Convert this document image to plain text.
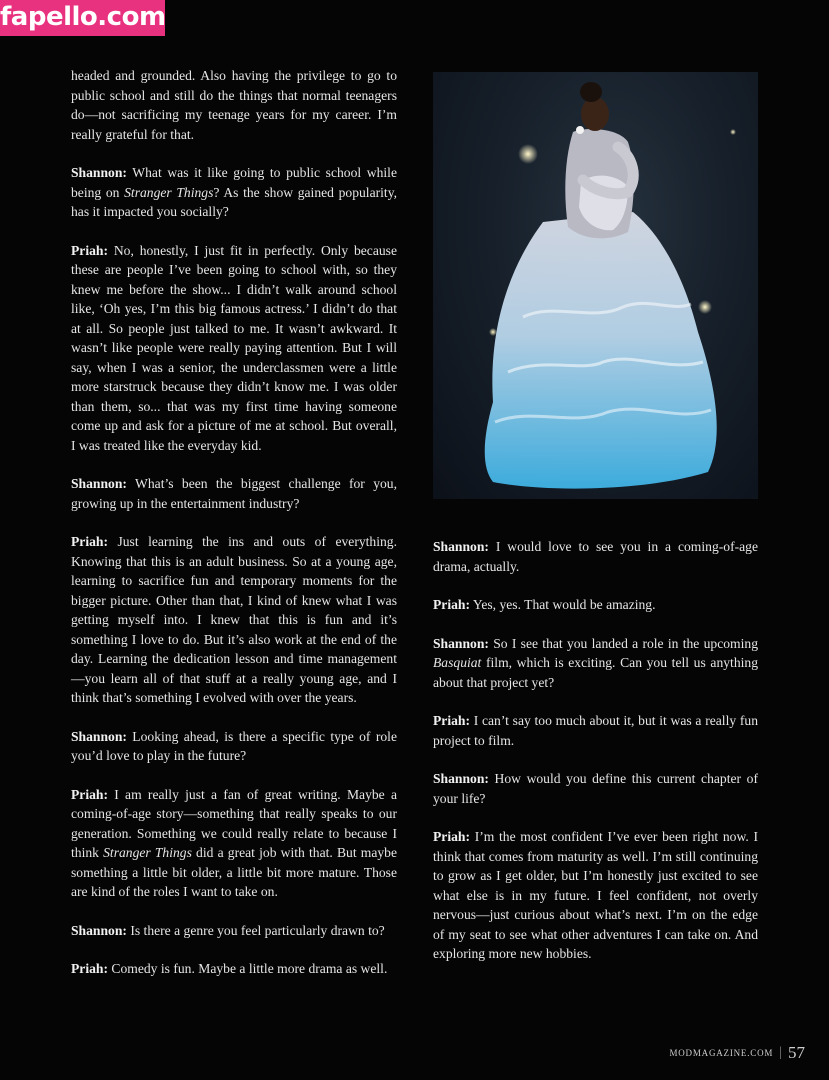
fapello.com

headed and grounded. Also having the privilege to go to public school and still do the things that normal teenagers do—not sacrificing my teenage years for my career. I’m really grateful for that.

Shannon: What was it like going to public school while being on Stranger Things? As the show gained popularity, has it impacted you socially?

Priah: No, honestly, I just fit in perfectly. Only because these are people I’ve been going to school with, so they knew me before the show... I didn’t walk around school like, ‘Oh yes, I’m this big famous actress.’ I didn’t do that at all. So people just talked to me. It wasn’t awkward. It wasn’t like people were really paying attention. But I will say, when I was a senior, the underclassmen were a little more starstruck because they didn’t know me. I was older than them, so... that was my first time having someone come up and ask for a picture of me at school. But overall, I was treated like the everyday kid.

Shannon: What’s been the biggest challenge for you, growing up in the entertainment industry?

Priah: Just learning the ins and outs of everything. Knowing that this is an adult business. So at a young age, learning to sacrifice fun and temporary moments for the bigger picture. Other than that, I kind of knew what I was getting myself into. I knew that this is fun and it’s something I love to do. But it’s also work at the end of the day. Learning the dedication lesson and time management—you learn all of that stuff at a really young age, and I think that’s something I evolved with over the years.

Shannon: Looking ahead, is there a specific type of role you’d love to play in the future?

Priah: I am really just a fan of great writing. Maybe a coming-of-age story—something that really speaks to our generation. Something we could really relate to because I think Stranger Things did a great job with that. But maybe something a little bit older, a little bit more mature. Those are kind of the roles I want to take on.

Shannon: Is there a genre you feel particularly drawn to?

Priah: Comedy is fun. Maybe a little more drama as well.

Shannon: I would love to see you in a coming-of-age drama, actually.

Priah: Yes, yes. That would be amazing.

Shannon: So I see that you landed a role in the upcoming Basquiat film, which is exciting. Can you tell us anything about that project yet?

Priah: I can’t say too much about it, but it was a really fun project to film.

Shannon: How would you define this current chapter of your life?

Priah: I’m the most confident I’ve ever been right now. I think that comes from maturity as well. I’m still continuing to grow as I get older, but I’m honestly just excited to see what else is in my future. I feel confident, not overly nervous—just curious about what’s next. I’m on the edge of my seat to see what other adventures I can take on. And exploring more new hobbies.

MODMAGAZINE.COM | 57
